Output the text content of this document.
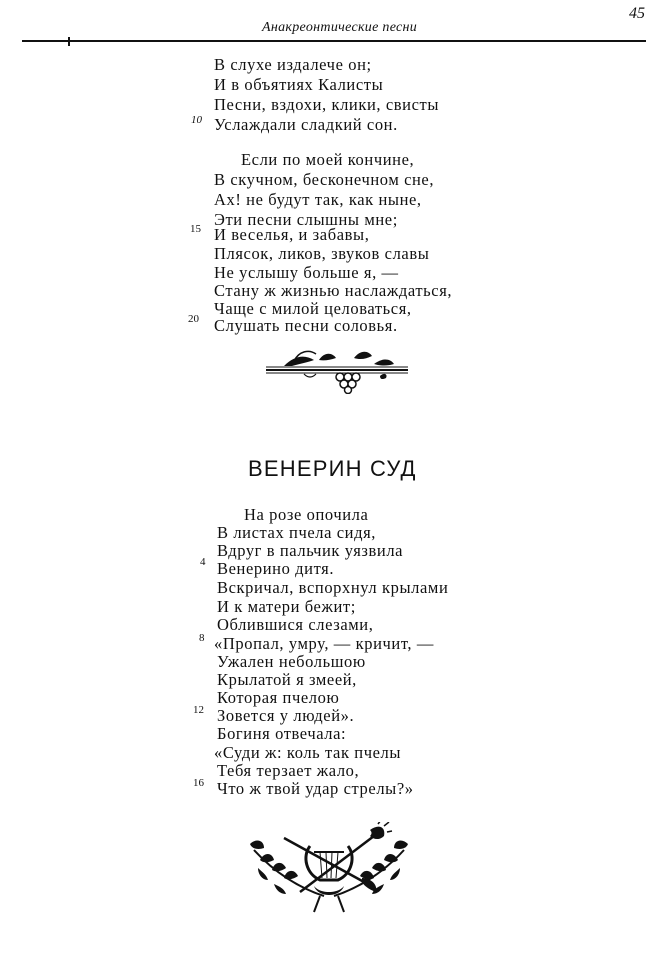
Анакреонтические песни
45
В слухе издалече он;
И в объятиях Калисты
Песни, вздохи, клики, свисты
10 Услаждали сладкий сон.
Если по моей кончине,
В скучном, бесконечном сне,
Ах! не будут так, как ныне,
Эти песни слышны мне;
15 И веселья, и забавы,
Плясок, ликов, звуков славы
Не услышу больше я, —
Стану ж жизнью наслаждаться,
Чаще с милой целоваться,
20 Слушать песни соловья.
ВЕНЕРИН СУД
На розе опочила
В листах пчела сидя,
Вдруг в пальчик уязвила
4 Венерино дитя.
Вскричал, вспорхнул крылами
И к матери бежит;
Облившися слезами,
8 «Пропал, умру, — кричит, —
Ужален небольшою
Крылатой я змеей,
Которая пчелою
12 Зовется у людей».
Богиня отвечала:
«Суди ж: коль так пчелы
Тебя терзает жало,
16 Что ж твой удар стрелы?»
